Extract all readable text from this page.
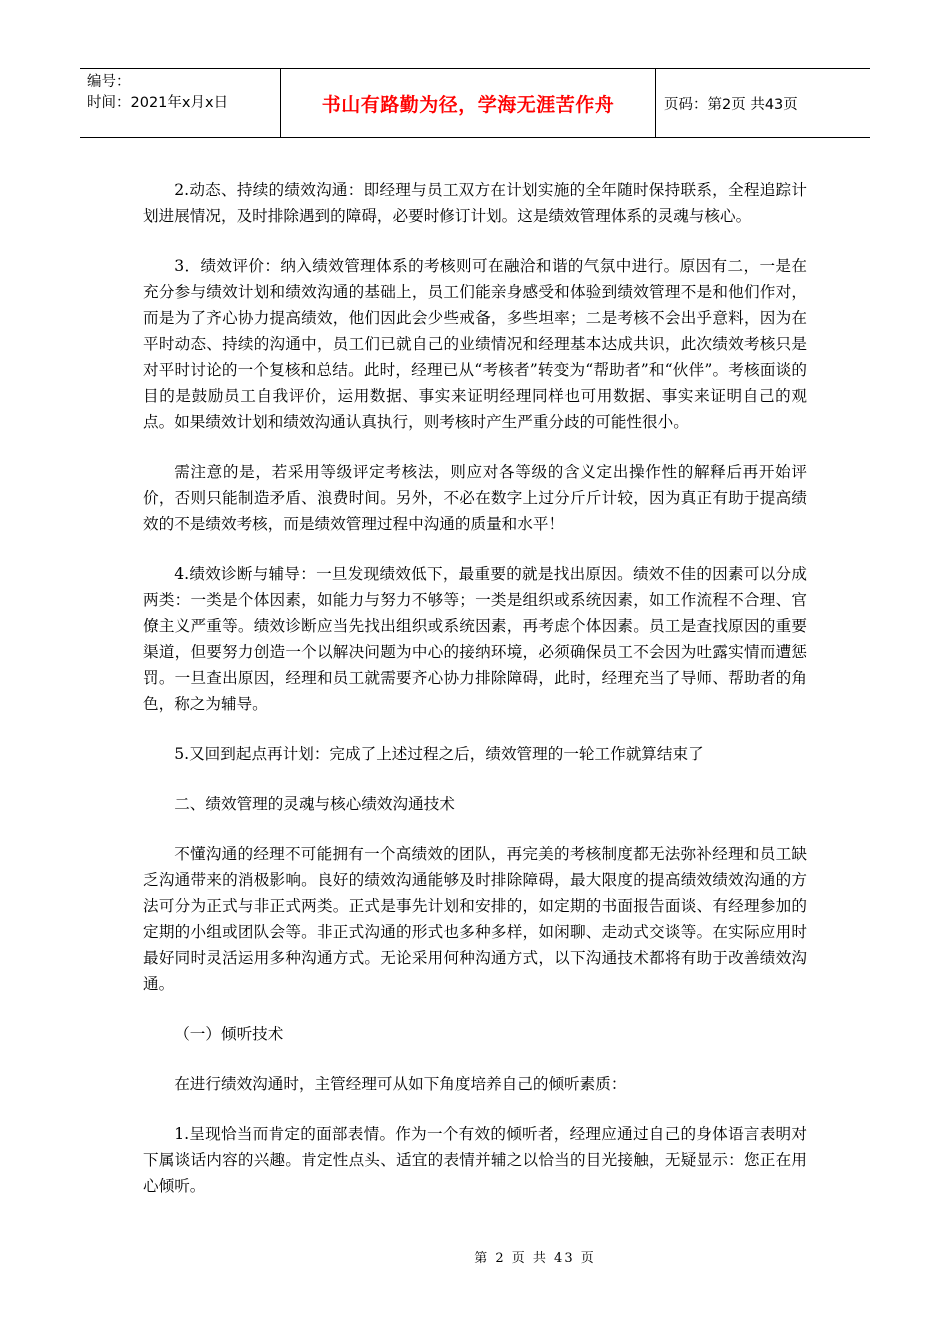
编号：
时间：2021年x月x日	书山有路勤为径，学海无涯苦作舟	页码：第2页 共43页

2.动态、持续的绩效沟通：即经理与员工双方在计划实施的全年随时保持联系，全程追踪计划进展情况，及时排除遇到的障碍，必要时修订计划。这是绩效管理体系的灵魂与核心。

3．绩效评价：纳入绩效管理体系的考核则可在融洽和谐的气氛中进行。原因有二，一是在充分参与绩效计划和绩效沟通的基础上，员工们能亲身感受和体验到绩效管理不是和他们作对，而是为了齐心协力提高绩效，他们因此会少些戒备，多些坦率；二是考核不会出乎意料，因为在平时动态、持续的沟通中，员工们已就自己的业绩情况和经理基本达成共识，此次绩效考核只是对平时讨论的一个复核和总结。此时，经理已从“考核者”转变为“帮助者”和“伙伴”。考核面谈的目的是鼓励员工自我评价，运用数据、事实来证明经理同样也可用数据、事实来证明自己的观点。如果绩效计划和绩效沟通认真执行，则考核时产生严重分歧的可能性很小。

需注意的是，若采用等级评定考核法，则应对各等级的含义定出操作性的解释后再开始评价，否则只能制造矛盾、浪费时间。另外，不必在数字上过分斤斤计较，因为真正有助于提高绩效的不是绩效考核，而是绩效管理过程中沟通的质量和水平！

4.绩效诊断与辅导：一旦发现绩效低下，最重要的就是找出原因。绩效不佳的因素可以分成两类：一类是个体因素，如能力与努力不够等；一类是组织或系统因素，如工作流程不合理、官僚主义严重等。绩效诊断应当先找出组织或系统因素，再考虑个体因素。员工是查找原因的重要渠道，但要努力创造一个以解决问题为中心的接纳环境，必须确保员工不会因为吐露实情而遭惩罚。一旦查出原因，经理和员工就需要齐心协力排除障碍，此时，经理充当了导师、帮助者的角色，称之为辅导。

5.又回到起点再计划：完成了上述过程之后，绩效管理的一轮工作就算结束了

二、绩效管理的灵魂与核心绩效沟通技术

不懂沟通的经理不可能拥有一个高绩效的团队，再完美的考核制度都无法弥补经理和员工缺乏沟通带来的消极影响。良好的绩效沟通能够及时排除障碍，最大限度的提高绩效绩效沟通的方法可分为正式与非正式两类。正式是事先计划和安排的，如定期的书面报告面谈、有经理参加的定期的小组或团队会等。非正式沟通的形式也多种多样，如闲聊、走动式交谈等。在实际应用时最好同时灵活运用多种沟通方式。无论采用何种沟通方式，以下沟通技术都将有助于改善绩效沟通。

（一）倾听技术

在进行绩效沟通时，主管经理可从如下角度培养自己的倾听素质：

1.呈现恰当而肯定的面部表情。作为一个有效的倾听者，经理应通过自己的身体语言表明对下属谈话内容的兴趣。肯定性点头、适宜的表情并辅之以恰当的目光接触，无疑显示：您正在用心倾听。

第 2 页 共 43 页
